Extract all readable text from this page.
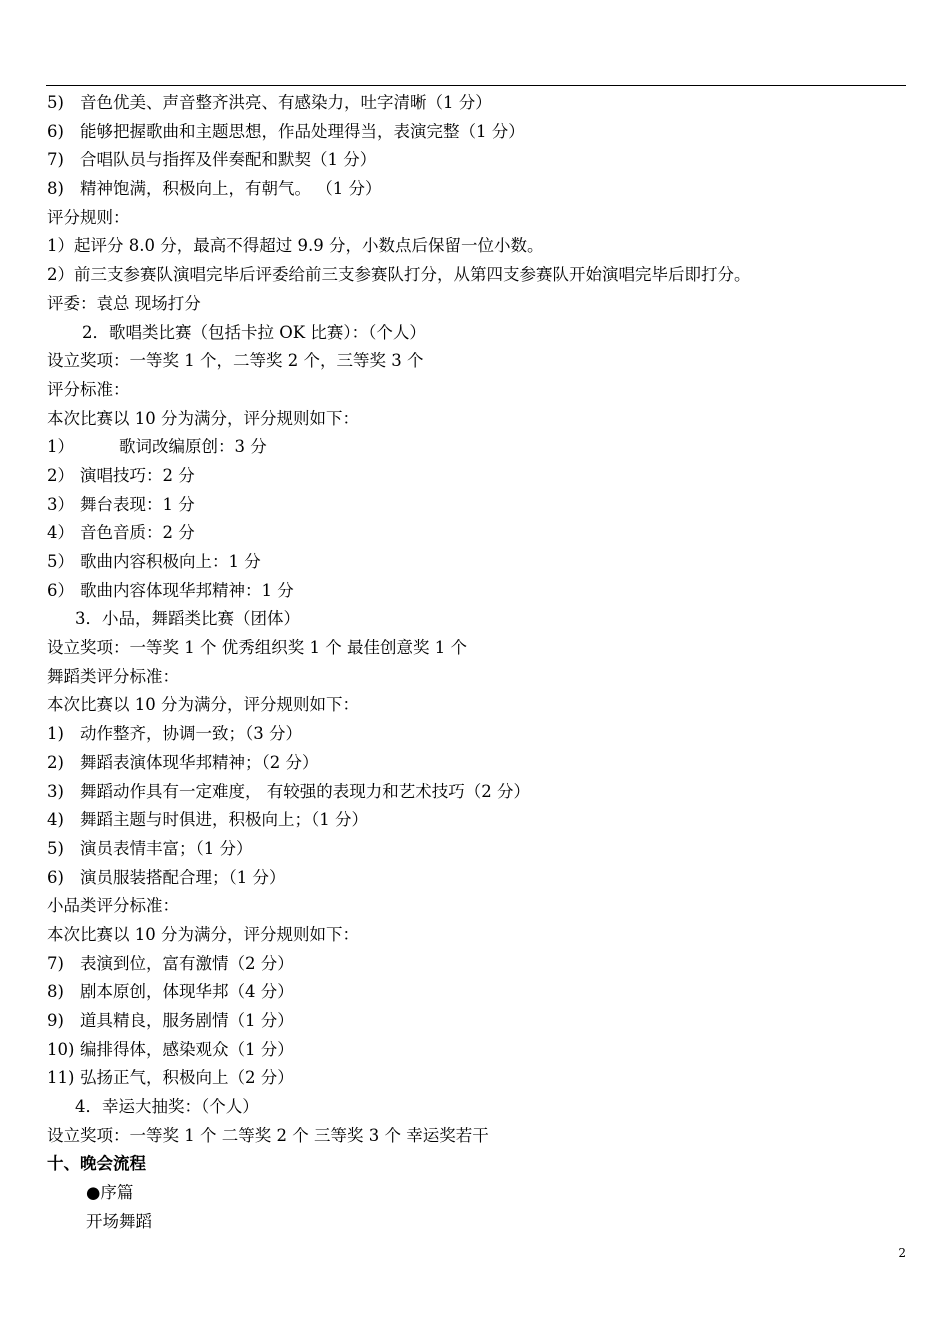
5) 音色优美、声音整齐洪亮、有感染力，吐字清晰（1 分）
6) 能够把握歌曲和主题思想，作品处理得当，表演完整（1 分）
7) 合唱队员与指挥及伴奏配和默契（1 分）
8) 精神饱满，积极向上，有朝气。 （1 分）
评分规则：
1）起评分 8.0 分，最高不得超过 9.9 分，小数点后保留一位小数。
2）前三支参赛队演唱完毕后评委给前三支参赛队打分，从第四支参赛队开始演唱完毕后即打分。
评委：袁总 现场打分
2．歌唱类比赛（包括卡拉 OK 比赛）：（个人）
设立奖项：一等奖 1 个，二等奖 2 个，三等奖 3 个
评分标准：
本次比赛以 10 分为满分，评分规则如下：
1）	歌词改编原创：3 分
2） 演唱技巧：2 分
3） 舞台表现：1 分
4） 音色音质：2 分
5） 歌曲内容积极向上：1 分
6） 歌曲内容体现华邦精神：1 分
3．小品，舞蹈类比赛（团体）
设立奖项：一等奖 1 个 优秀组织奖 1 个 最佳创意奖 1 个
舞蹈类评分标准：
本次比赛以 10 分为满分，评分规则如下：
1) 动作整齐，协调一致；（3 分）
2) 舞蹈表演体现华邦精神；（2 分）
3) 舞蹈动作具有一定难度， 有较强的表现力和艺术技巧（2 分）
4) 舞蹈主题与时俱进，积极向上；（1 分）
5) 演员表情丰富；（1 分）
6) 演员服装搭配合理；（1 分）
小品类评分标准：
本次比赛以 10 分为满分，评分规则如下：
7) 表演到位，富有激情（2 分）
8) 剧本原创，体现华邦（4 分）
9) 道具精良，服务剧情（1 分）
10) 编排得体，感染观众（1 分）
11) 弘扬正气，积极向上（2 分）
4．幸运大抽奖：（个人）
设立奖项：一等奖 1 个 二等奖 2 个 三等奖 3 个 幸运奖若干
十、晚会流程
●序篇
开场舞蹈
2
